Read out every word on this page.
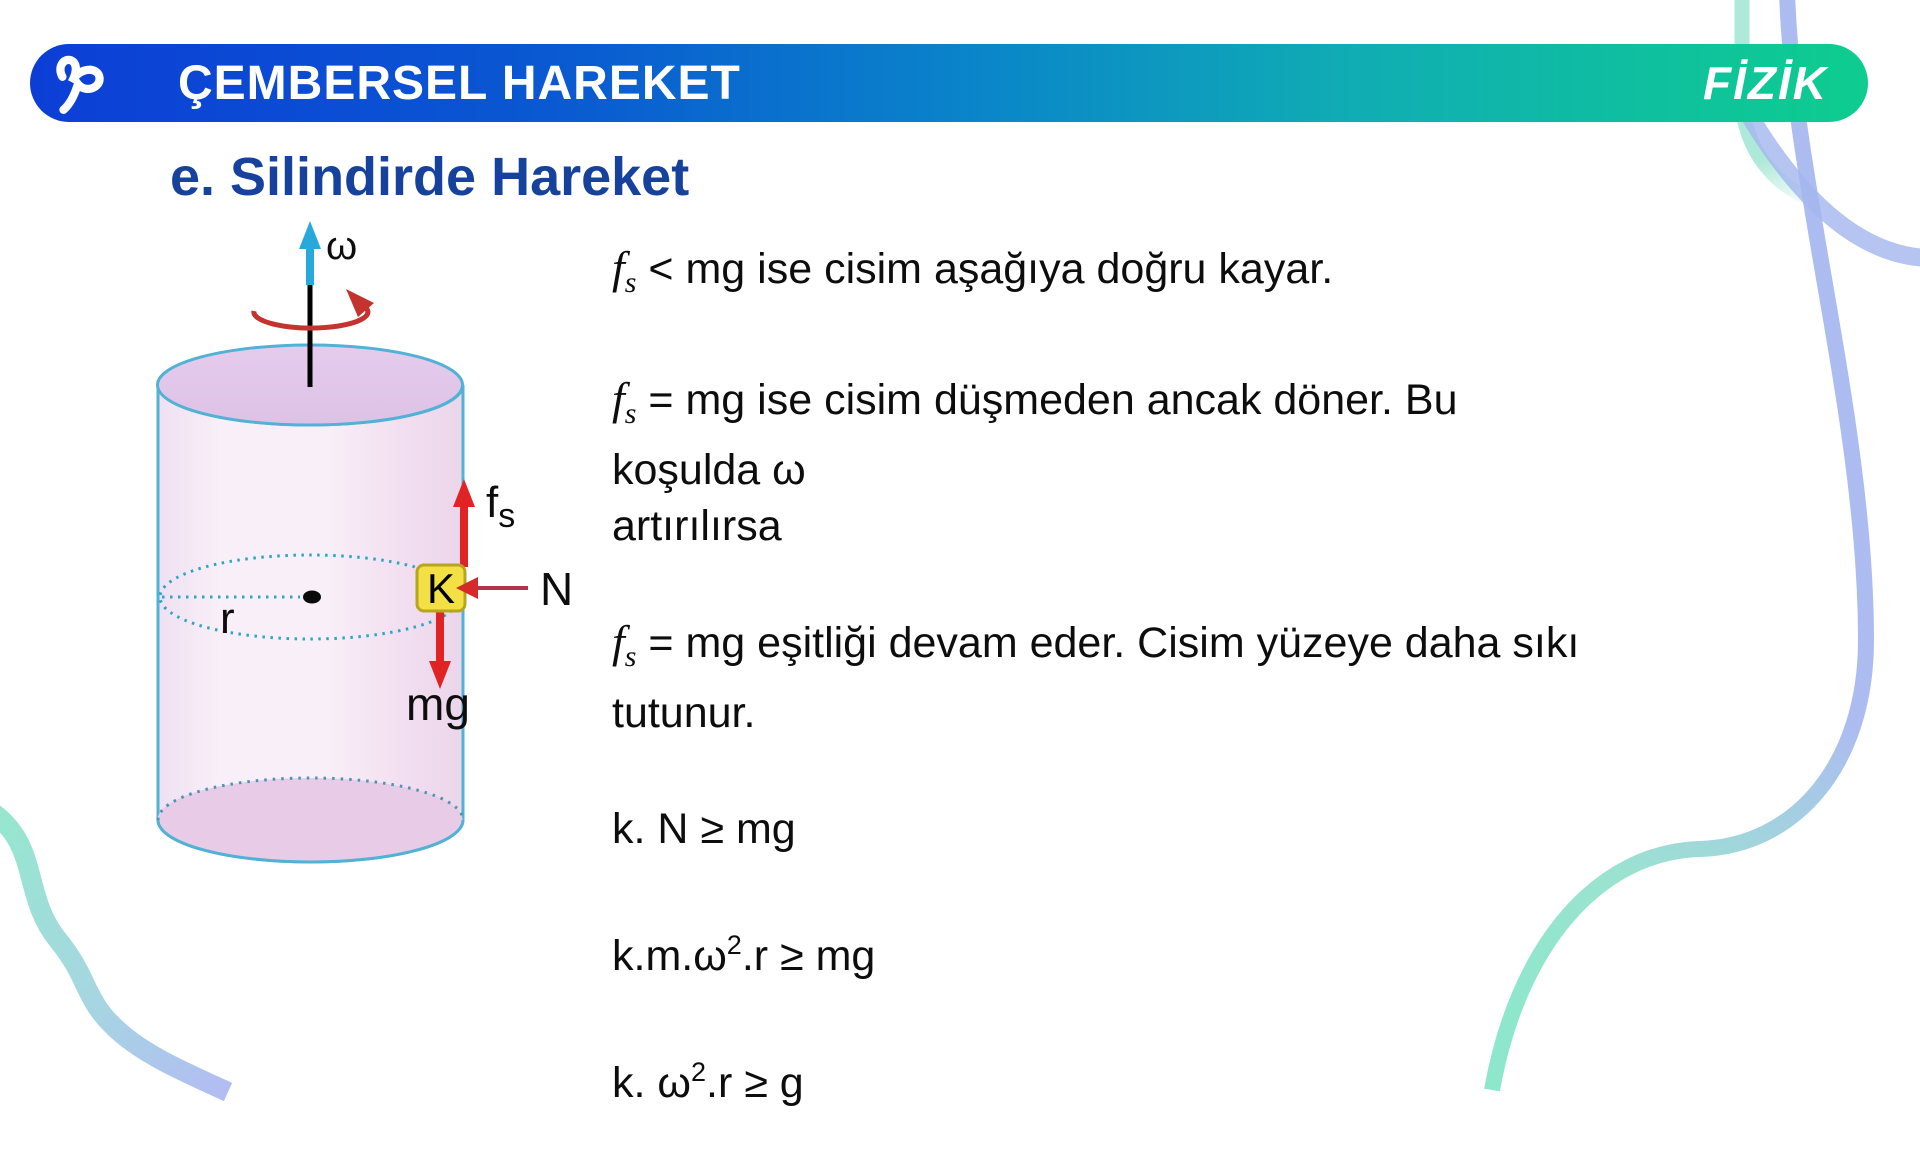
ÇEMBERSEL HAREKET	FİZİK
e. Silindirde Hareket
r
ω
$f_s$
mg
K N

$f_s$ < mg ise cisim aşağıya doğru kayar.

$f_s$ = mg ise cisim düşmeden ancak döner. Bu koşulda ω
artırılırsa

$f_s$ = mg eşitliği devam eder. Cisim yüzeye daha sıkı
tutunur.

k. N ≥ mg

$k.m.\omega^2.r$ ≥ mg

k. $\omega^2.r \ge g$
